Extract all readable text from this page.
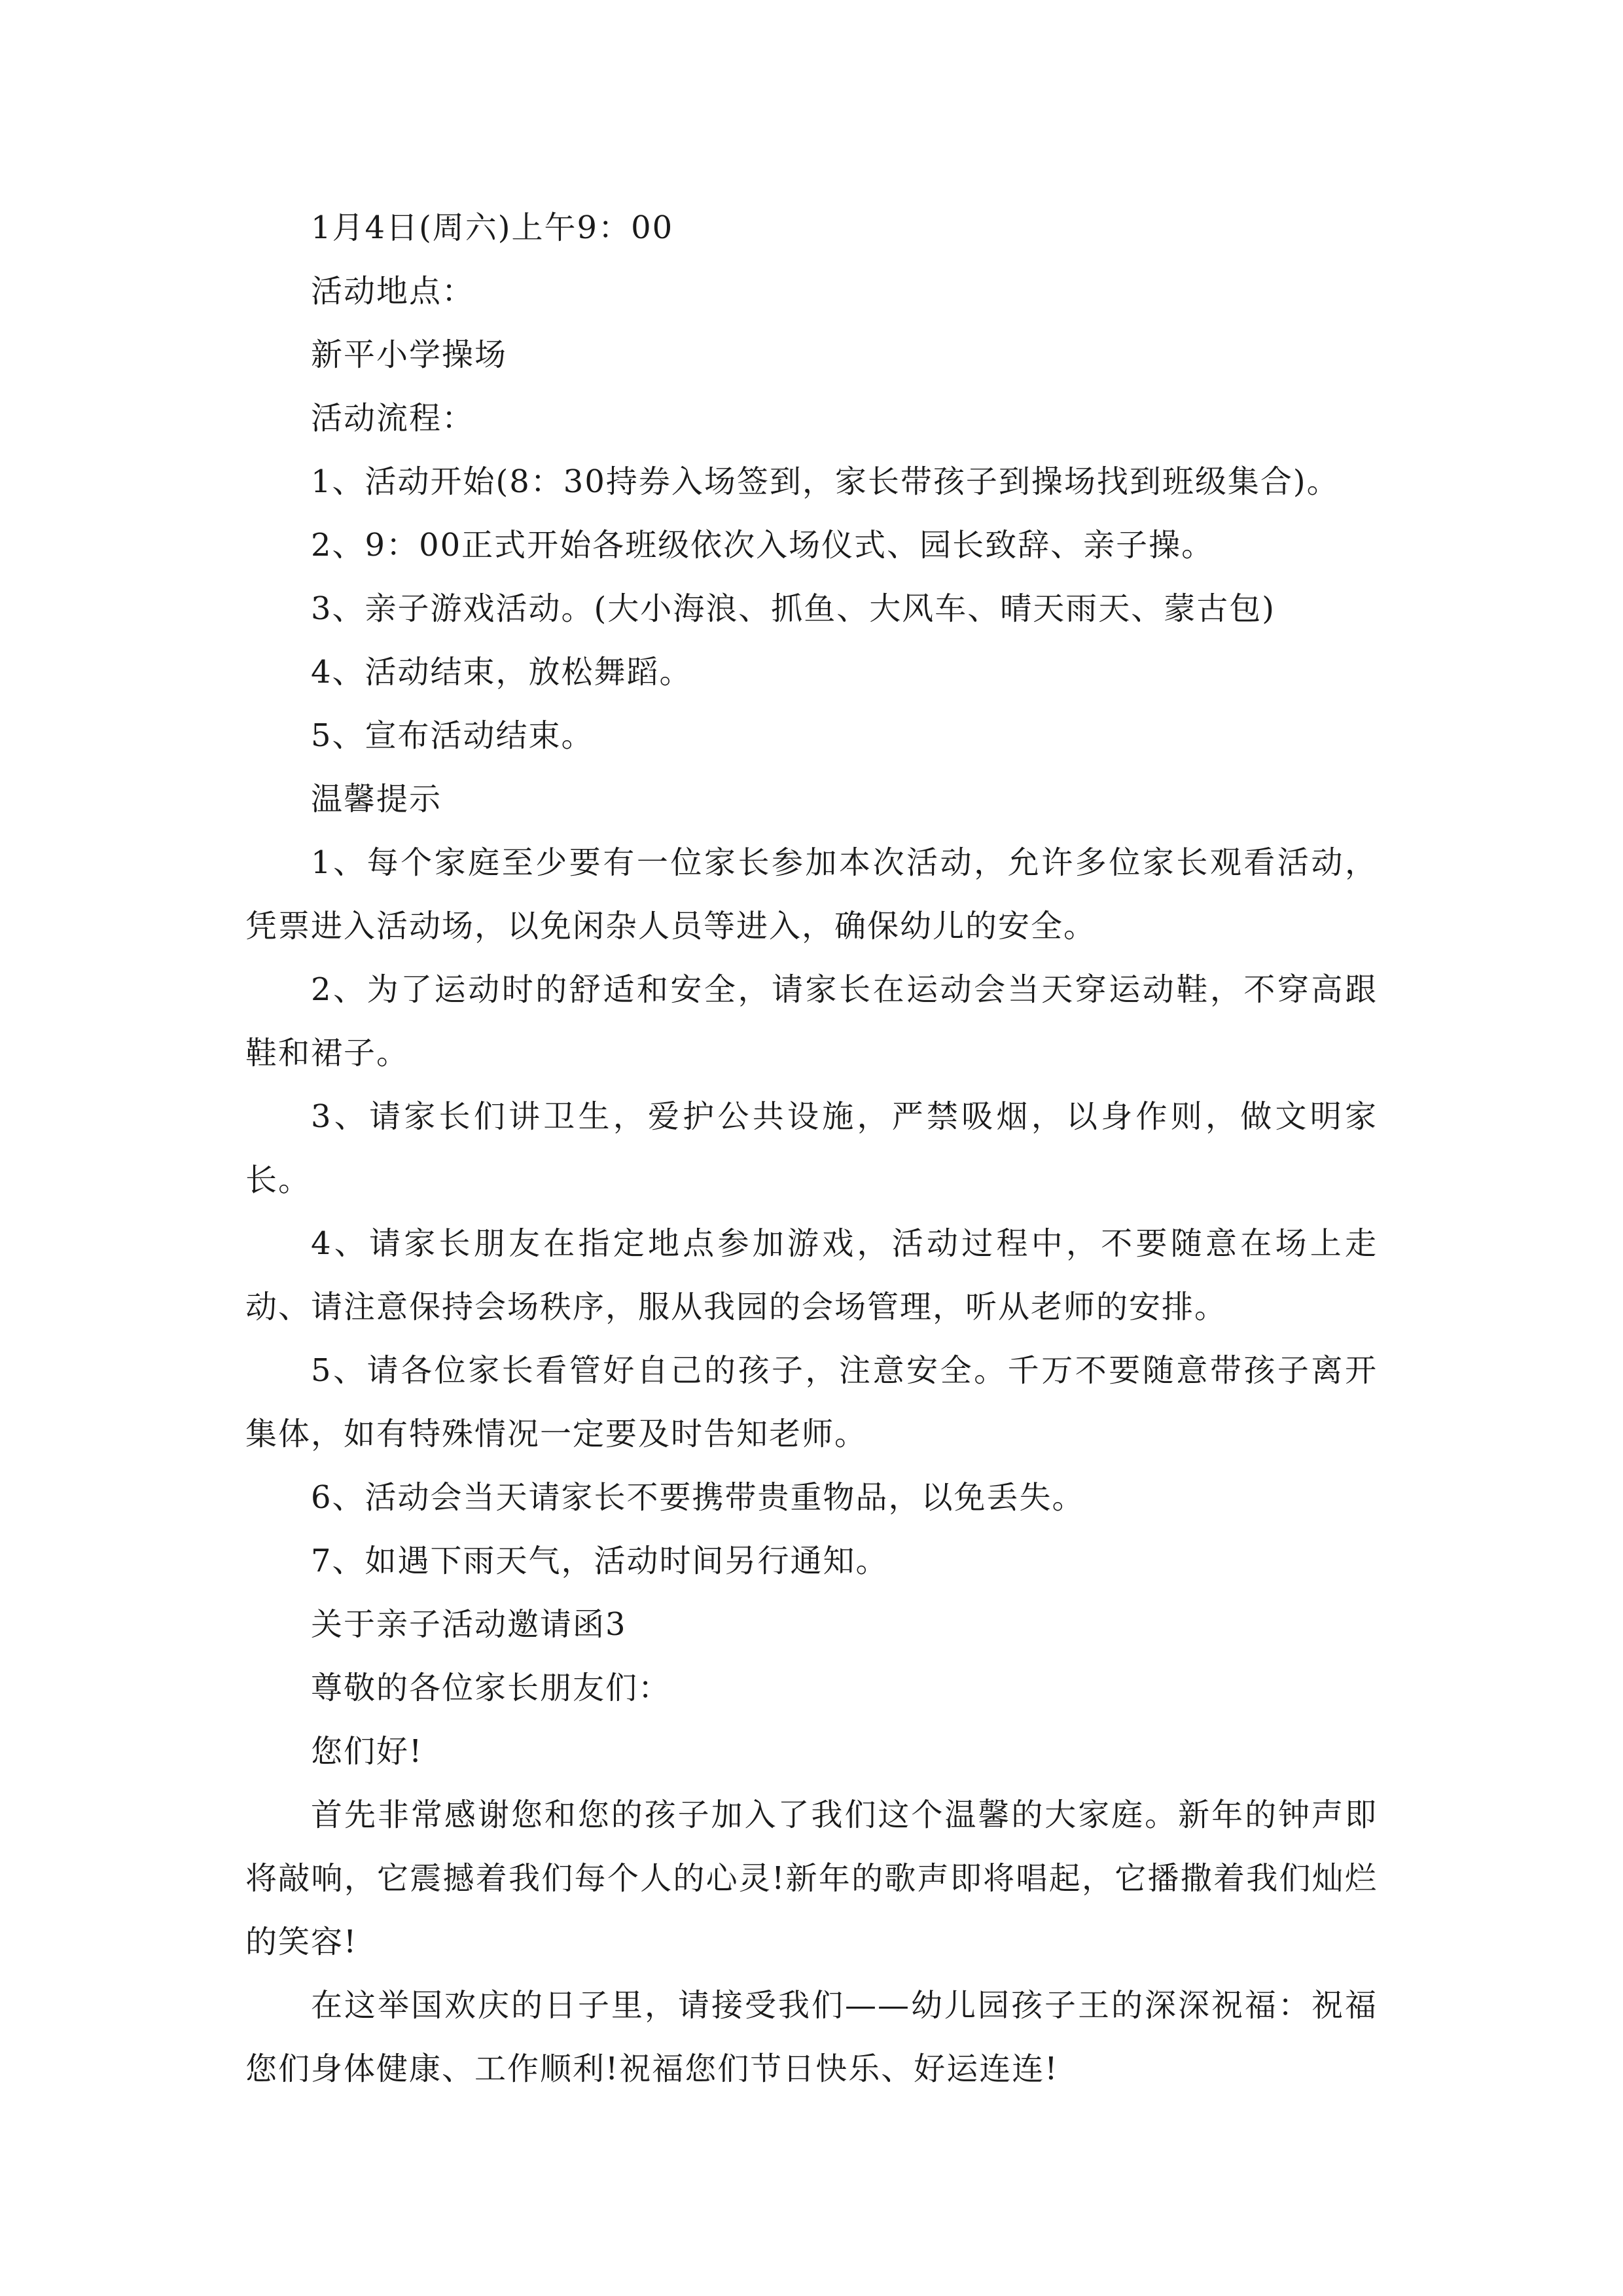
1月4日(周六)上午9：00

活动地点：

新平小学操场

活动流程：

1、活动开始(8：30持券入场签到，家长带孩子到操场找到班级集合)。

2、9：00正式开始各班级依次入场仪式、园长致辞、亲子操。

3、亲子游戏活动。(大小海浪、抓鱼、大风车、晴天雨天、蒙古包)

4、活动结束，放松舞蹈。

5、宣布活动结束。

温馨提示

1、每个家庭至少要有一位家长参加本次活动，允许多位家长观看活动，凭票进入活动场，以免闲杂人员等进入，确保幼儿的安全。

2、为了运动时的舒适和安全，请家长在运动会当天穿运动鞋，不穿高跟鞋和裙子。

3、请家长们讲卫生，爱护公共设施，严禁吸烟，以身作则，做文明家长。

4、请家长朋友在指定地点参加游戏，活动过程中，不要随意在场上走动、请注意保持会场秩序，服从我园的会场管理，听从老师的安排。

5、请各位家长看管好自己的孩子，注意安全。千万不要随意带孩子离开集体，如有特殊情况一定要及时告知老师。

6、活动会当天请家长不要携带贵重物品，以免丢失。

7、如遇下雨天气，活动时间另行通知。

关于亲子活动邀请函3

尊敬的各位家长朋友们：

您们好!

首先非常感谢您和您的孩子加入了我们这个温馨的大家庭。新年的钟声即将敲响，它震撼着我们每个人的心灵!新年的歌声即将唱起，它播撒着我们灿烂的笑容!

在这举国欢庆的日子里，请接受我们——幼儿园孩子王的深深祝福：祝福您们身体健康、工作顺利!祝福您们节日快乐、好运连连!
